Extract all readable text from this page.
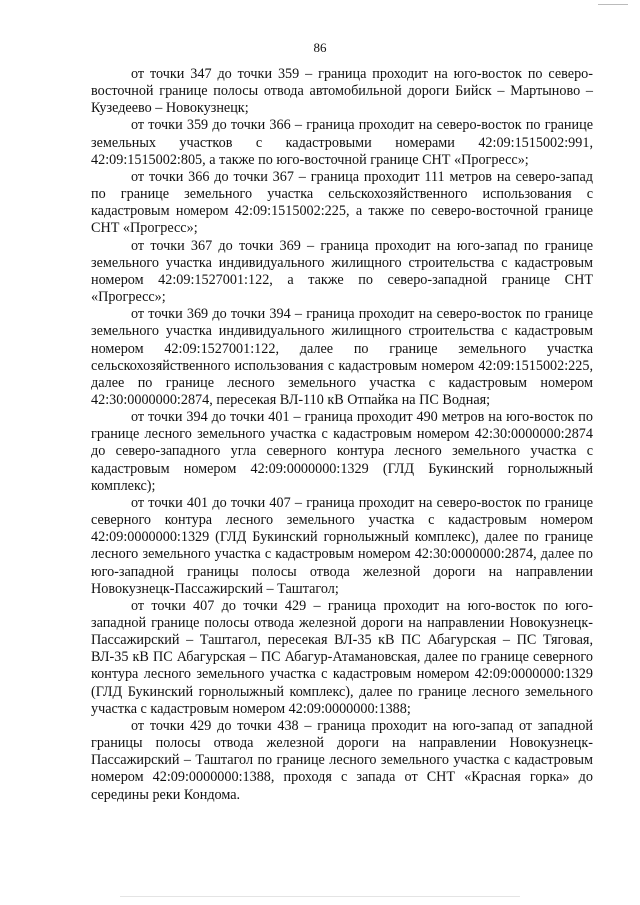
86

от точки 347 до точки 359 – граница проходит на юго-восток по северо-восточной границе полосы отвода автомобильной дороги Бийск – Мартыново – Кузедеево – Новокузнецк;

от точки 359 до точки 366 – граница проходит на северо-восток по границе земельных участков с кадастровыми номерами 42:09:1515002:991, 42:09:1515002:805, а также по юго-восточной границе СНТ «Прогресс»;

от точки 366 до точки 367 – граница проходит 111 метров на северо-запад по границе земельного участка сельскохозяйственного использования с кадастровым номером 42:09:1515002:225, а также по северо-восточной границе СНТ «Прогресс»;

от точки 367 до точки 369 – граница проходит на юго-запад по границе земельного участка индивидуального жилищного строительства с кадастровым номером 42:09:1527001:122, а также по северо-западной границе СНТ «Прогресс»;

от точки 369 до точки 394 – граница проходит на северо-восток по границе земельного участка индивидуального жилищного строительства с кадастровым номером 42:09:1527001:122, далее по границе земельного участка сельскохозяйственного использования с кадастровым номером 42:09:1515002:225, далее по границе лесного земельного участка с кадастровым номером 42:30:0000000:2874, пересекая ВЛ-110 кВ Отпайка на ПС Водная;

от точки 394 до точки 401 – граница проходит 490 метров на юго-восток по границе лесного земельного участка с кадастровым номером 42:30:0000000:2874 до северо-западного угла северного контура лесного земельного участка с кадастровым номером 42:09:0000000:1329 (ГЛД Букинский горнолыжный комплекс);

от точки 401 до точки 407 – граница проходит на северо-восток по границе северного контура лесного земельного участка с кадастровым номером 42:09:0000000:1329 (ГЛД Букинский горнолыжный комплекс), далее по границе лесного земельного участка с кадастровым номером 42:30:0000000:2874, далее по юго-западной границы полосы отвода железной дороги на направлении Новокузнецк-Пассажирский – Таштагол;

от точки 407 до точки 429 – граница проходит на юго-восток по юго-западной границе полосы отвода железной дороги на направлении Новокузнецк-Пассажирский – Таштагол, пересекая ВЛ-35 кВ ПС Абагурская – ПС Тяговая, ВЛ-35 кВ ПС Абагурская – ПС Абагур-Атамановская, далее по границе северного контура лесного земельного участка с кадастровым номером 42:09:0000000:1329 (ГЛД Букинский горнолыжный комплекс), далее по границе лесного земельного участка с кадастровым номером 42:09:0000000:1388;

от точки 429 до точки 438 – граница проходит на юго-запад от западной границы полосы отвода железной дороги на направлении Новокузнецк-Пассажирский – Таштагол по границе лесного земельного участка с кадастровым номером 42:09:0000000:1388, проходя с запада от СНТ «Красная горка» до середины реки Кондома.
